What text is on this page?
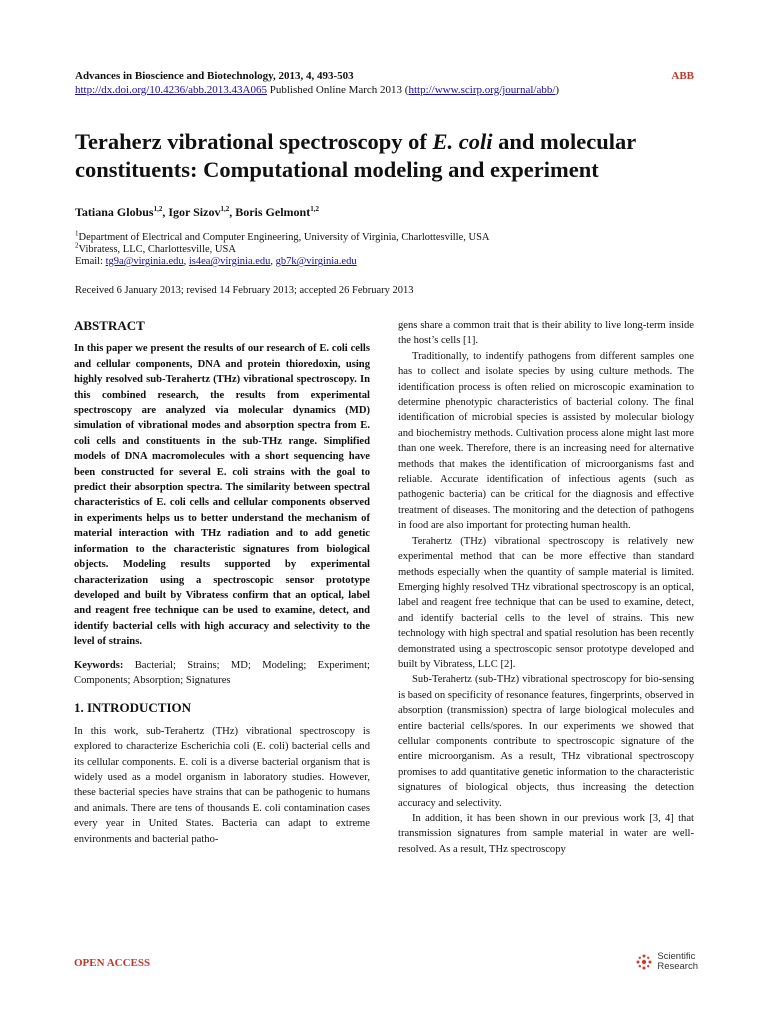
Advances in Bioscience and Biotechnology, 2013, 4, 493-503	ABB
http://dx.doi.org/10.4236/abb.2013.43A065 Published Online March 2013 (http://www.scirp.org/journal/abb/)
Teraherz vibrational spectroscopy of E. coli and molecular constituents: Computational modeling and experiment
Tatiana Globus$^{1,2}$, Igor Sizov$^{1,2}$, Boris Gelmont$^{1,2}$
$^1$Department of Electrical and Computer Engineering, University of Virginia, Charlottesville, USA
$^2$Vibratess, LLC, Charlottesville, USA
Email: tg9a@virginia.edu, is4ea@virginia.edu, gb7k@virginia.edu
Received 6 January 2013; revised 14 February 2013; accepted 26 February 2013
ABSTRACT

In this paper we present the results of our research of E. coli cells and cellular components, DNA and protein thioredoxin, using highly resolved sub-Terahertz (THz) vibrational spectroscopy. In this combined research, the results from experimental spectroscopy are analyzed via molecular dynamics (MD) simulation of vibrational modes and absorption spectra from E. coli cells and constituents in the sub-THz range. Simplified models of DNA macromolecules with a short sequencing have been constructed for several E. coli strains with the goal to predict their absorption spectra. The similarity between spectral characteristics of E. coli cells and cellular components observed in experiments helps us to better understand the mechanism of material interaction with THz radiation and to add genetic information to the characteristic signatures from biological objects. Modeling results supported by experimental characterization using a spectroscopic sensor prototype developed and built by Vibratess confirm that an optical, label and reagent free technique can be used to examine, detect, and identify bacterial cells with high accuracy and selectivity to the level of strains.

Keywords: Bacterial; Strains; MD; Modeling; Experiment; Components; Absorption; Signatures

1. INTRODUCTION

In this work, sub-Terahertz (THz) vibrational spectroscopy is explored to characterize Escherichia coli (E. coli) bacterial cells and its cellular components. E. coli is a diverse bacterial organism that is widely used as a model organism in laboratory studies. However, these bacterial species have strains that can be pathogenic to humans and animals. There are tens of thousands E. coli contamination cases every year in United States. Bacteria can adapt to extreme environments and bacterial patho-

gens share a common trait that is their ability to live long-term inside the host’s cells [1].

Traditionally, to indentify pathogens from different samples one has to collect and isolate species by using culture methods. The identification process is often relied on microscopic examination to determine phenotypic characteristics of bacterial colony. The final identification of microbial species is assisted by molecular biology and biochemistry methods. Cultivation process alone might last more than one week. Therefore, there is an increasing need for alternative methods that makes the identification of microorganisms fast and reliable. Accurate identification of infectious agents (such as pathogenic bacteria) can be critical for the diagnosis and effective treatment of diseases. The monitoring and the detection of pathogens in food are also important for protecting human health.

Terahertz (THz) vibrational spectroscopy is relatively new experimental method that can be more effective than standard methods especially when the quantity of sample material is limited. Emerging highly resolved THz vibrational spectroscopy is an optical, label and reagent free technique that can be used to examine, detect, and identify bacterial cells to the level of strains. This new technology with high spectral and spatial resolution has been recently demonstrated using a spectroscopic sensor prototype developed and built by Vibratess, LLC [2].

Sub-Terahertz (sub-THz) vibrational spectroscopy for bio-sensing is based on specificity of resonance features, fingerprints, observed in absorption (transmission) spectra of large biological molecules and entire bacterial cells/spores. In our experiments we showed that cellular components contribute to spectroscopic signature of the entire microorganism. As a result, THz vibrational spectroscopy promises to add quantitative genetic information to the characteristic signatures of biological objects, thus increasing the detection accuracy and selectivity.

In addition, it has been shown in our previous work [3, 4] that transmission signatures from sample material in water are well-resolved. As a result, THz spectroscopy

OPEN ACCESS
Scientific
Research
